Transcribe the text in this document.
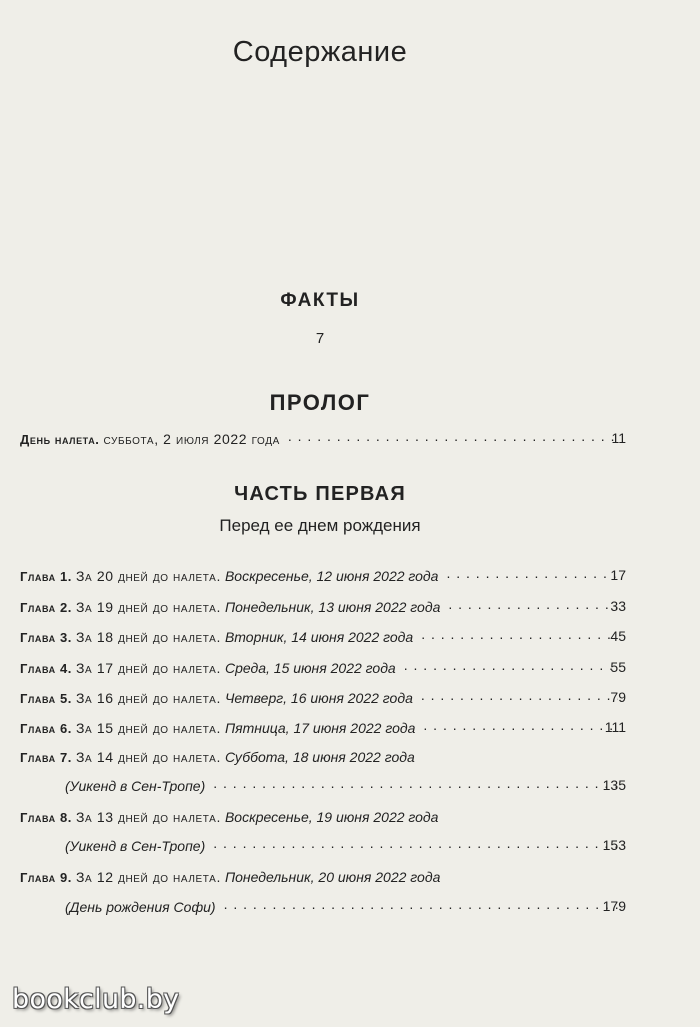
Содержание
ФАКТЫ
7
ПРОЛОГ
День налета. суббота, 2 июля 2022 года . . .	11
ЧАСТЬ ПЕРВАЯ
Перед ее днем рождения
Глава 1. За 20 дней до налета. Воскресенье, 12 июня 2022 года . . .	17
Глава 2. За 19 дней до налета. Понедельник, 13 июня 2022 года . . .	33
Глава 3. За 18 дней до налета. Вторник, 14 июня 2022 года . . .	45
Глава 4. За 17 дней до налета. Среда, 15 июня 2022 года . . .	55
Глава 5. За 16 дней до налета. Четверг, 16 июня 2022 года . . .	79
Глава 6. За 15 дней до налета. Пятница, 17 июня 2022 года . . .	111
Глава 7. За 14 дней до налета. Суббота, 18 июня 2022 года
(Уикенд в Сен-Тропе) . . .	135
Глава 8. За 13 дней до налета. Воскресенье, 19 июня 2022 года
(Уикенд в Сен-Тропе) . . .	153
Глава 9. За 12 дней до налета. Понедельник, 20 июня 2022 года
(День рождения Софи) . . .	179
bookclub.by
